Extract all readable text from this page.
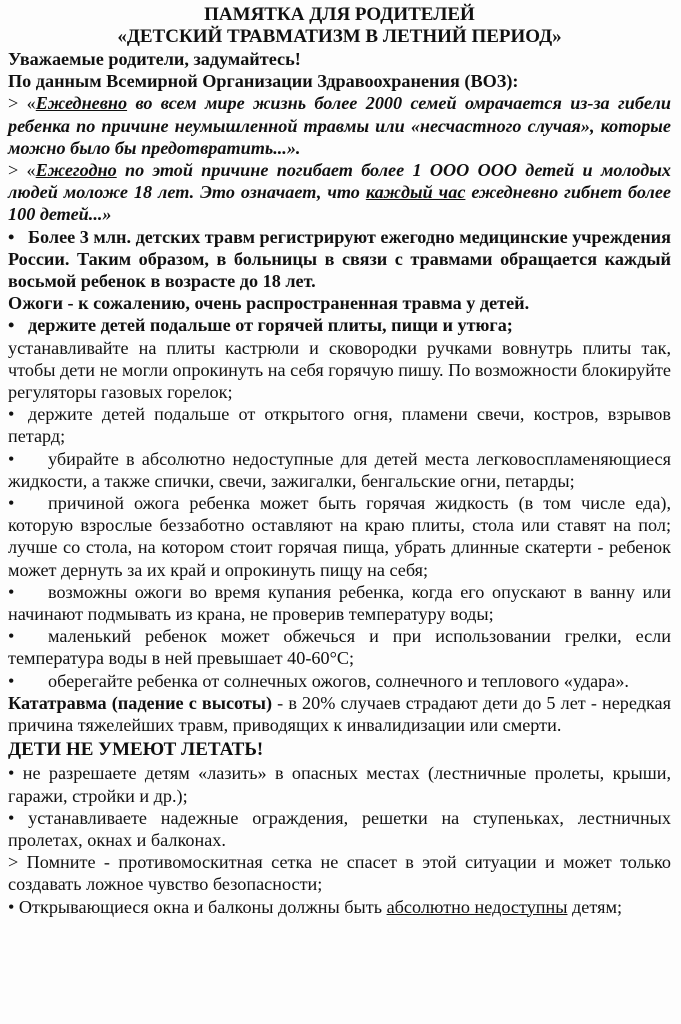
ПАМЯТКА ДЛЯ РОДИТЕЛЕЙ
«ДЕТСКИЙ ТРАВМАТИЗМ В ЛЕТНИЙ ПЕРИОД»

Уважаемые родители, задумайтесь!

По данным Всемирной Организации Здравоохранения (ВОЗ):

> «Ежедневно во всем мире жизнь более 2000 семей омрачается из-за гибели ребенка по причине неумышленной травмы или «несчастного случая», которые можно было бы предотвратить...».

> «Ежегодно по этой причине погибает более 1 ООО ООО детей и молодых людей моложе 18 лет. Это означает, что каждый час ежедневно гибнет более 100 детей...»

• Более 3 млн. детских травм регистрируют ежегодно медицинские учреждения России. Таким образом, в больницы в связи с травмами обращается каждый восьмой ребенок в возрасте до 18 лет.

Ожоги - к сожалению, очень распространенная травма у детей.

• держите детей подальше от горячей плиты, пищи и утюга;

устанавливайте на плиты кастрюли и сковородки ручками вовнутрь плиты так, чтобы дети не могли опрокинуть на себя горячую пишу. По возможности блокируйте регуляторы газовых горелок;

• держите детей подальше от открытого огня, пламени свечи, костров, взрывов петард;

• убирайте в абсолютно недоступные для детей места легковоспламеняющиеся жидкости, а также спички, свечи, зажигалки, бенгальские огни, петарды;

• причиной ожога ребенка может быть горячая жидкость (в том числе еда), которую взрослые беззаботно оставляют на краю плиты, стола или ставят на пол; лучше со стола, на котором стоит горячая пища, убрать длинные скатерти - ребенок может дернуть за их край и опрокинуть пищу на себя;

• возможны ожоги во время купания ребенка, когда его опускают в ванну или начинают подмывать из крана, не проверив температуру воды;

• маленький ребенок может обжечься и при использовании грелки, если температура воды в ней превышает 40-60°С;

• оберегайте ребенка от солнечных ожогов, солнечного и теплового «удара».

Кататравма (падение с высоты) - в 20% случаев страдают дети до 5 лет - нередкая причина тяжелейших травм, приводящих к инвалидизации или смерти.

ДЕТИ НЕ УМЕЮТ ЛЕТАТЬ!

• не разрешаете детям «лазить» в опасных местах (лестничные пролеты, крыши, гаражи, стройки и др.);

• устанавливаете надежные ограждения, решетки на ступеньках, лестничных пролетах, окнах и балконах.

> Помните - противомоскитная сетка не спасет в этой ситуации и может только создавать ложное чувство безопасности;

• Открывающиеся окна и балконы должны быть абсолютно недоступны детям;
